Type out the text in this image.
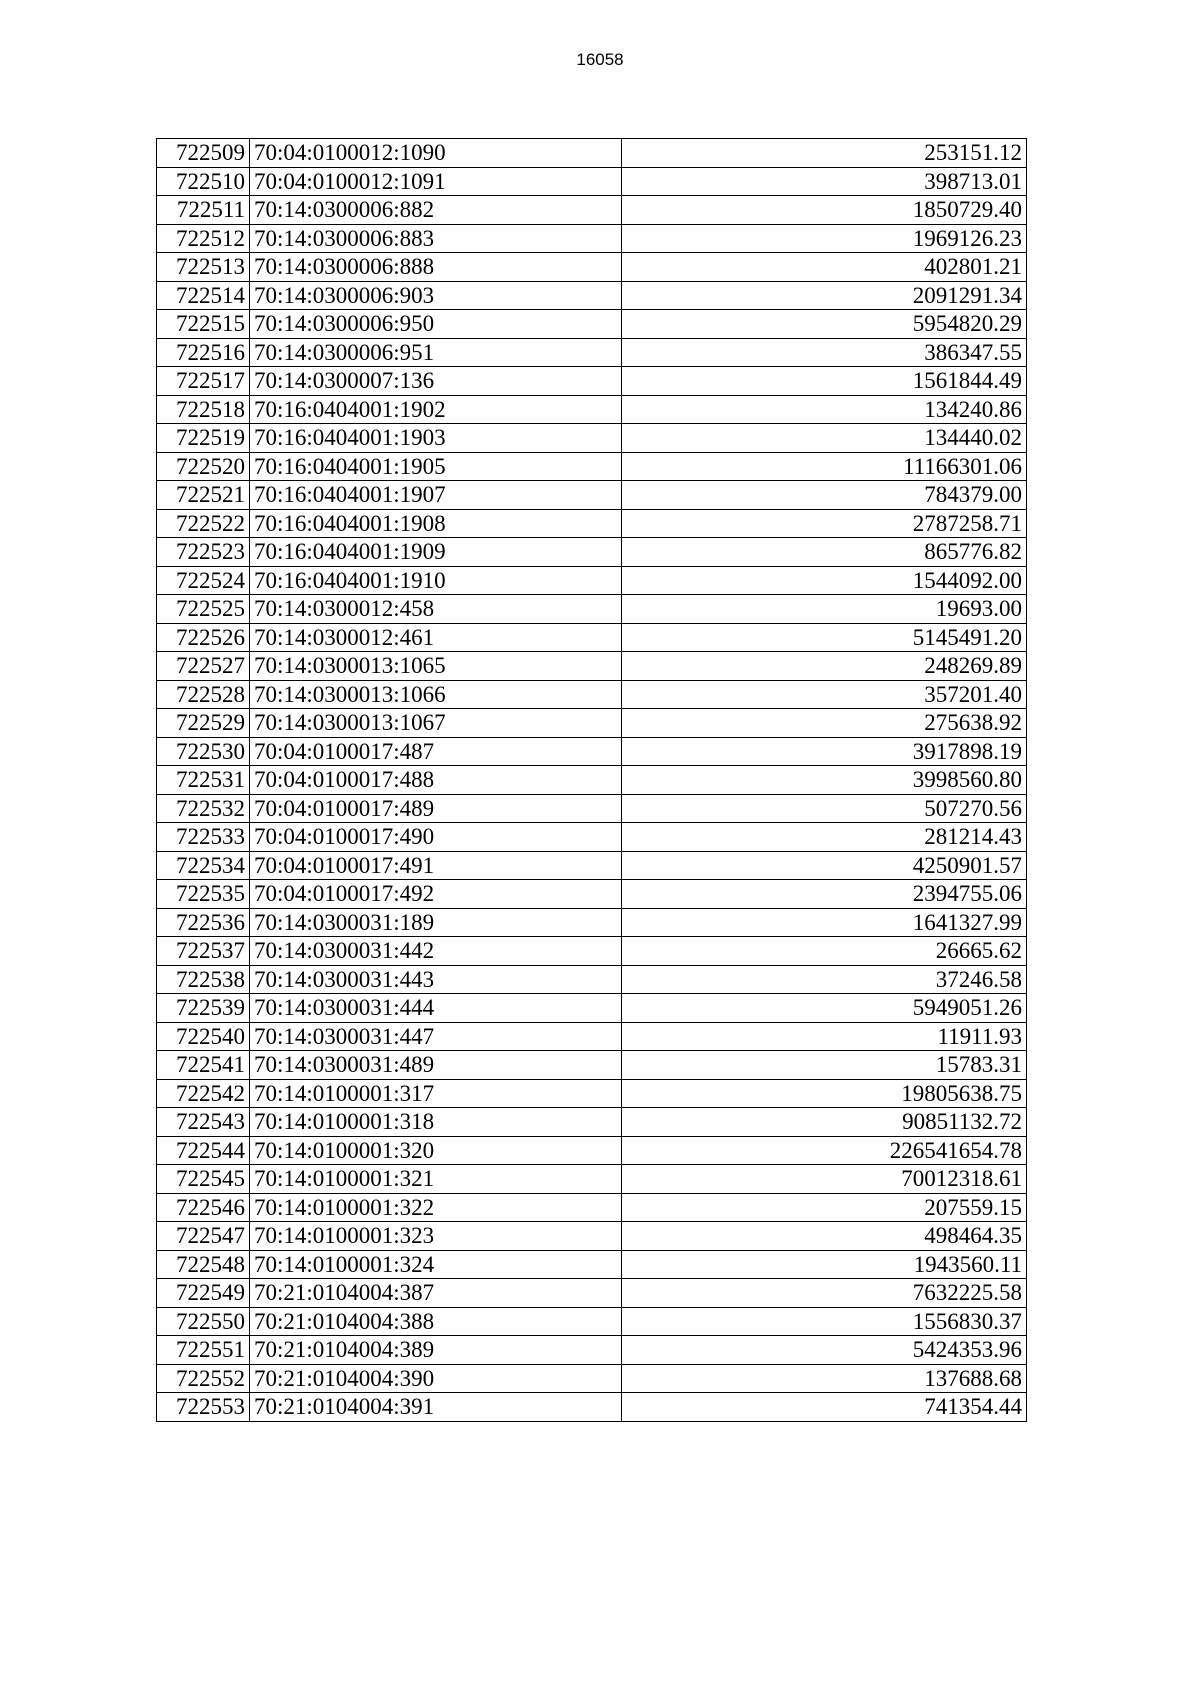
16058
722509	70:04:0100012:1090	253151.12
722510	70:04:0100012:1091	398713.01
722511	70:14:0300006:882	1850729.40
722512	70:14:0300006:883	1969126.23
722513	70:14:0300006:888	402801.21
722514	70:14:0300006:903	2091291.34
722515	70:14:0300006:950	5954820.29
722516	70:14:0300006:951	386347.55
722517	70:14:0300007:136	1561844.49
722518	70:16:0404001:1902	134240.86
722519	70:16:0404001:1903	134440.02
722520	70:16:0404001:1905	11166301.06
722521	70:16:0404001:1907	784379.00
722522	70:16:0404001:1908	2787258.71
722523	70:16:0404001:1909	865776.82
722524	70:16:0404001:1910	1544092.00
722525	70:14:0300012:458	19693.00
722526	70:14:0300012:461	5145491.20
722527	70:14:0300013:1065	248269.89
722528	70:14:0300013:1066	357201.40
722529	70:14:0300013:1067	275638.92
722530	70:04:0100017:487	3917898.19
722531	70:04:0100017:488	3998560.80
722532	70:04:0100017:489	507270.56
722533	70:04:0100017:490	281214.43
722534	70:04:0100017:491	4250901.57
722535	70:04:0100017:492	2394755.06
722536	70:14:0300031:189	1641327.99
722537	70:14:0300031:442	26665.62
722538	70:14:0300031:443	37246.58
722539	70:14:0300031:444	5949051.26
722540	70:14:0300031:447	11911.93
722541	70:14:0300031:489	15783.31
722542	70:14:0100001:317	19805638.75
722543	70:14:0100001:318	90851132.72
722544	70:14:0100001:320	226541654.78
722545	70:14:0100001:321	70012318.61
722546	70:14:0100001:322	207559.15
722547	70:14:0100001:323	498464.35
722548	70:14:0100001:324	1943560.11
722549	70:21:0104004:387	7632225.58
722550	70:21:0104004:388	1556830.37
722551	70:21:0104004:389	5424353.96
722552	70:21:0104004:390	137688.68
722553	70:21:0104004:391	741354.44
